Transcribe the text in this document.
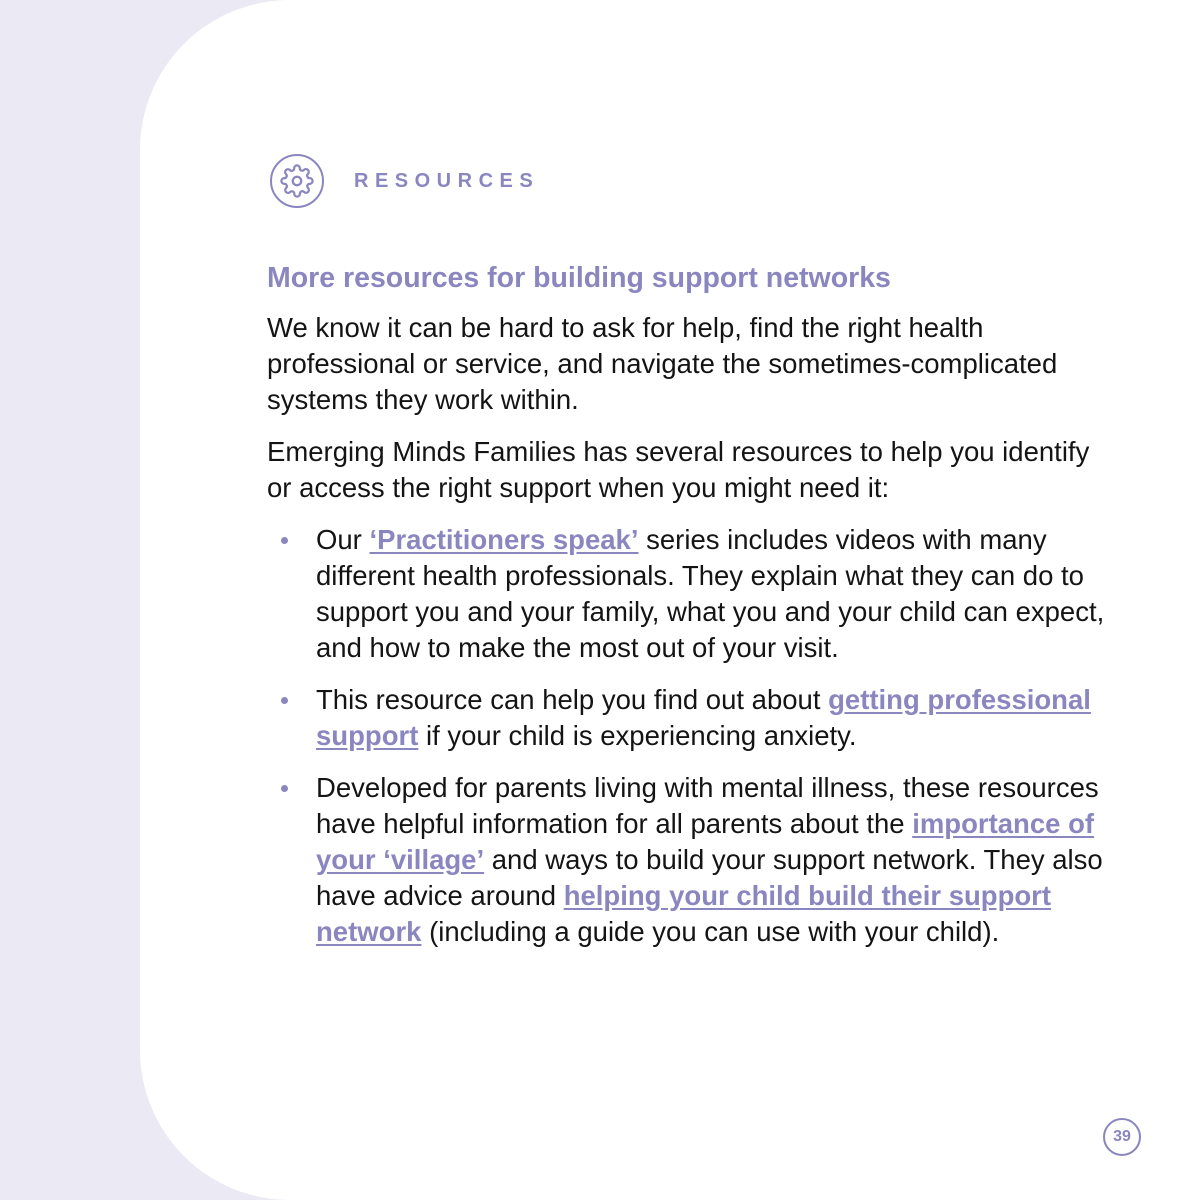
RESOURCES
More resources for building support networks

We know it can be hard to ask for help, find the right health professional or service, and navigate the sometimes-complicated systems they work within.

Emerging Minds Families has several resources to help you identify or access the right support when you might need it:

Our ‘Practitioners speak’ series includes videos with many different health professionals. They explain what they can do to support you and your family, what you and your child can expect, and how to make the most out of your visit.
This resource can help you find out about getting professional support if your child is experiencing anxiety.
Developed for parents living with mental illness, these resources have helpful information for all parents about the importance of your ‘village’ and ways to build your support network. They also have advice around helping your child build their support network (including a guide you can use with your child).
39
